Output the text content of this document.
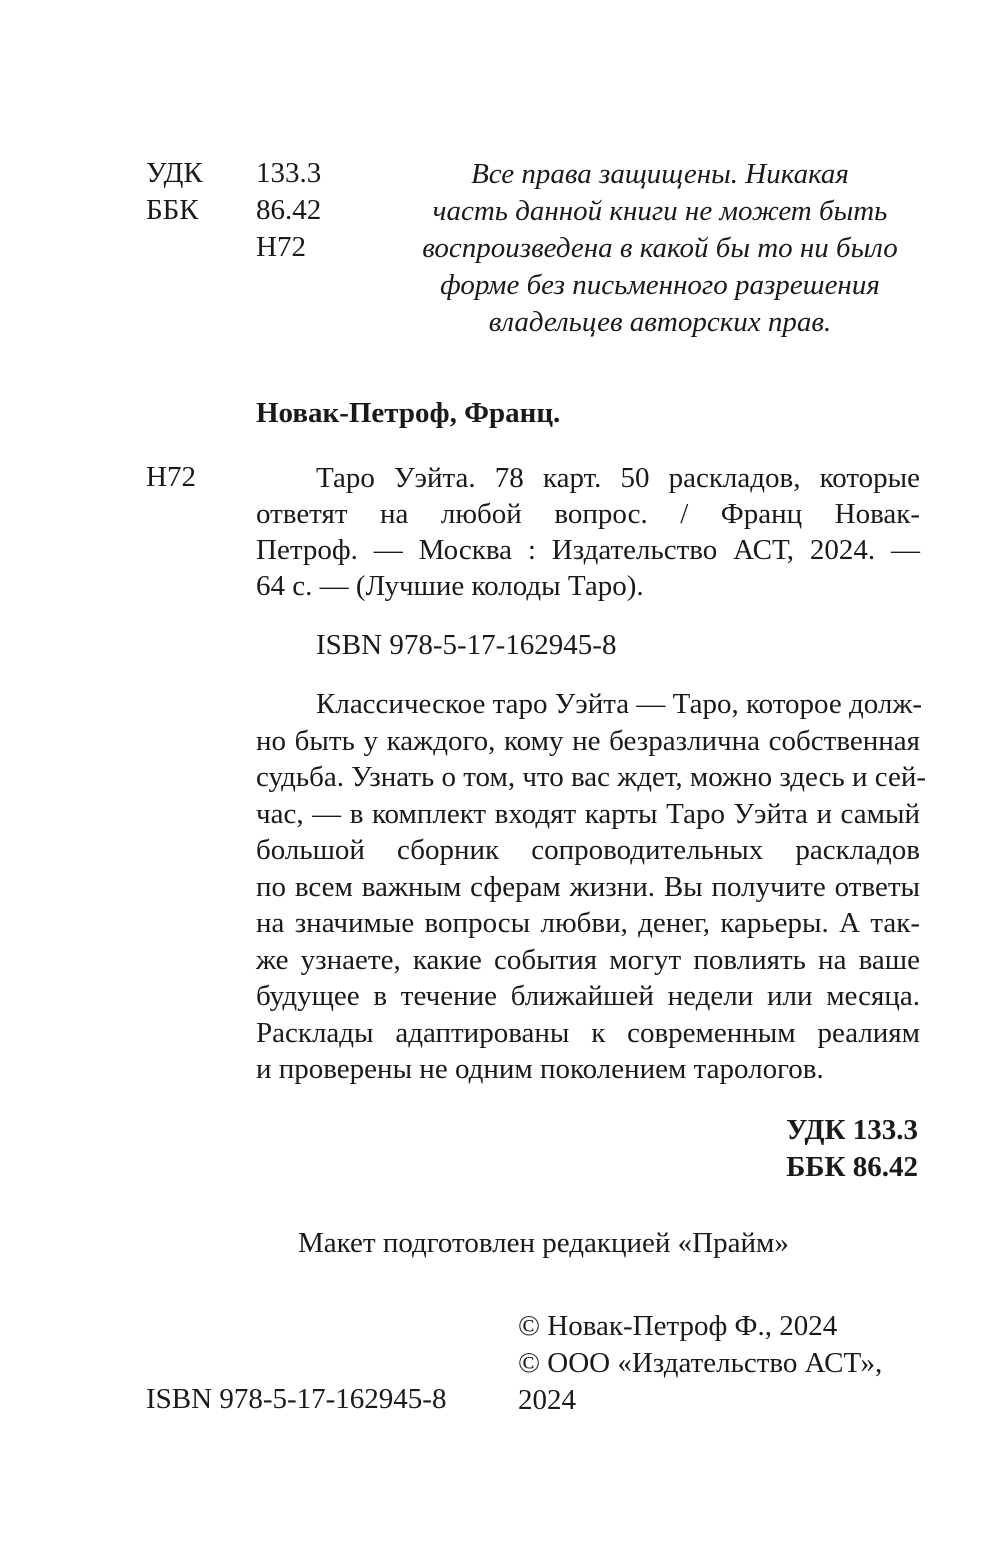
УДК 133.3
ББК 86.42
Н72
Все права защищены. Никакая
часть данной книги не может быть
воспроизведена в какой бы то ни было
форме без письменного разрешения
владельцев авторских прав.
Новак-Петроф, Франц.
Н72	Таро Уэйта. 78 карт. 50 раскладов, которые
ответят на любой вопрос. / Франц Новак-
Петроф. — Москва : Издательство АСТ, 2024. —
64 с. — (Лучшие колоды Таро).
ISBN 978-5-17-162945-8
Классическое таро Уэйта — Таро, которое долж-
но быть у каждого, кому не безразлична собственная
судьба. Узнать о том, что вас ждет, можно здесь и сей-
час, — в комплект входят карты Таро Уэйта и самый
большой сборник сопроводительных раскладов
по всем важным сферам жизни. Вы получите ответы
на значимые вопросы любви, денег, карьеры. А так-
же узнаете, какие события могут повлиять на ваше
будущее в течение ближайшей недели или месяца.
Расклады адаптированы к современным реалиям
и проверены не одним поколением тарологов.
УДК 133.3
ББК 86.42
Макет подготовлен редакцией «Прайм»
© Новак-Петроф Ф., 2024
© ООО «Издательство АСТ»,
2024
ISBN 978-5-17-162945-8
